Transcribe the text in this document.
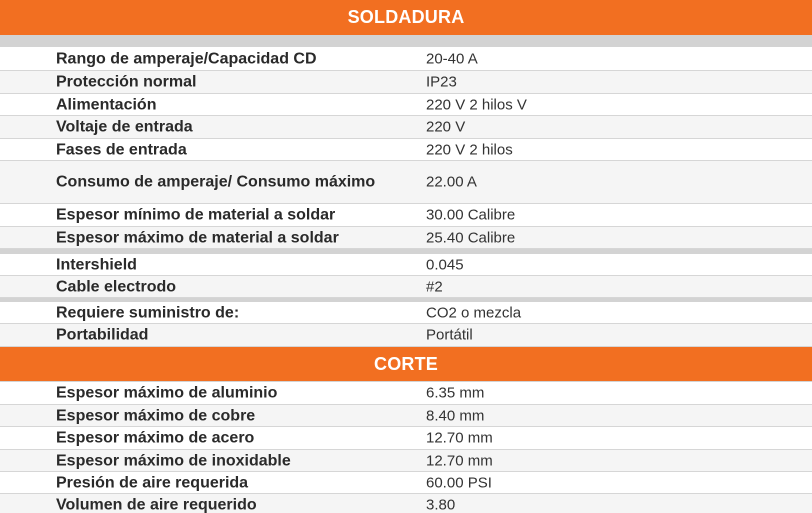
SOLDADURA
Rango de amperaje/Capacidad CD	20-40 A
Protección normal	IP23
Alimentación	220 V 2 hilos V
Voltaje de entrada	220 V
Fases de entrada	220 V 2 hilos
Consumo de amperaje/ Consumo máximo	22.00 A
Espesor mínimo de material a soldar	30.00 Calibre
Espesor máximo de material a soldar	25.40 Calibre
Intershield	0.045
Cable electrodo	#2
Requiere suministro de:	CO2 o mezcla
Portabilidad	Portátil
CORTE
Espesor máximo de aluminio	6.35 mm
Espesor máximo de cobre	8.40 mm
Espesor máximo de acero	12.70 mm
Espesor máximo de inoxidable	12.70 mm
Presión de aire requerida	60.00 PSI
Volumen de aire requerido	3.80
